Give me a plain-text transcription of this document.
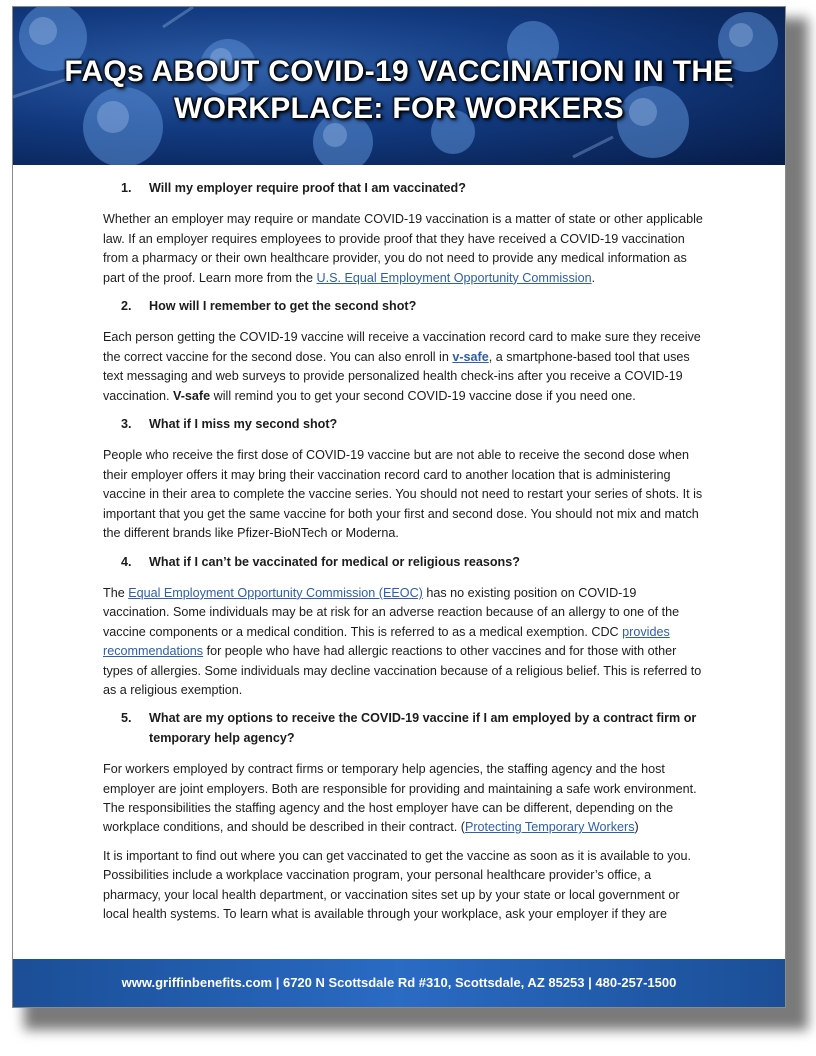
FAQs ABOUT COVID-19 VACCINATION IN THE WORKPLACE: FOR WORKERS
1.	Will my employer require proof that I am vaccinated?
Whether an employer may require or mandate COVID-19 vaccination is a matter of state or other applicable law. If an employer requires employees to provide proof that they have received a COVID-19 vaccination from a pharmacy or their own healthcare provider, you do not need to provide any medical information as part of the proof. Learn more from the U.S. Equal Employment Opportunity Commission.
2.	How will I remember to get the second shot?
Each person getting the COVID-19 vaccine will receive a vaccination record card to make sure they receive the correct vaccine for the second dose. You can also enroll in v-safe, a smartphone-based tool that uses text messaging and web surveys to provide personalized health check-ins after you receive a COVID-19 vaccination. V-safe will remind you to get your second COVID-19 vaccine dose if you need one.
3.	What if I miss my second shot?
People who receive the first dose of COVID-19 vaccine but are not able to receive the second dose when their employer offers it may bring their vaccination record card to another location that is administering vaccine in their area to complete the vaccine series. You should not need to restart your series of shots. It is important that you get the same vaccine for both your first and second dose. You should not mix and match the different brands like Pfizer-BioNTech or Moderna.
4.	What if I can’t be vaccinated for medical or religious reasons?
The Equal Employment Opportunity Commission (EEOC) has no existing position on COVID-19 vaccination. Some individuals may be at risk for an adverse reaction because of an allergy to one of the vaccine components or a medical condition. This is referred to as a medical exemption. CDC provides recommendations for people who have had allergic reactions to other vaccines and for those with other types of allergies. Some individuals may decline vaccination because of a religious belief. This is referred to as a religious exemption.
5.	What are my options to receive the COVID-19 vaccine if I am employed by a contract firm or temporary help agency?
For workers employed by contract firms or temporary help agencies, the staffing agency and the host employer are joint employers. Both are responsible for providing and maintaining a safe work environment. The responsibilities the staffing agency and the host employer have can be different, depending on the workplace conditions, and should be described in their contract. (Protecting Temporary Workers)
It is important to find out where you can get vaccinated to get the vaccine as soon as it is available to you. Possibilities include a workplace vaccination program, your personal healthcare provider’s office, a pharmacy, your local health department, or vaccination sites set up by your state or local government or local health systems. To learn what is available through your workplace, ask your employer if they are
www.griffinbenefits.com | 6720 N Scottsdale Rd #310, Scottsdale, AZ 85253 | 480-257-1500
